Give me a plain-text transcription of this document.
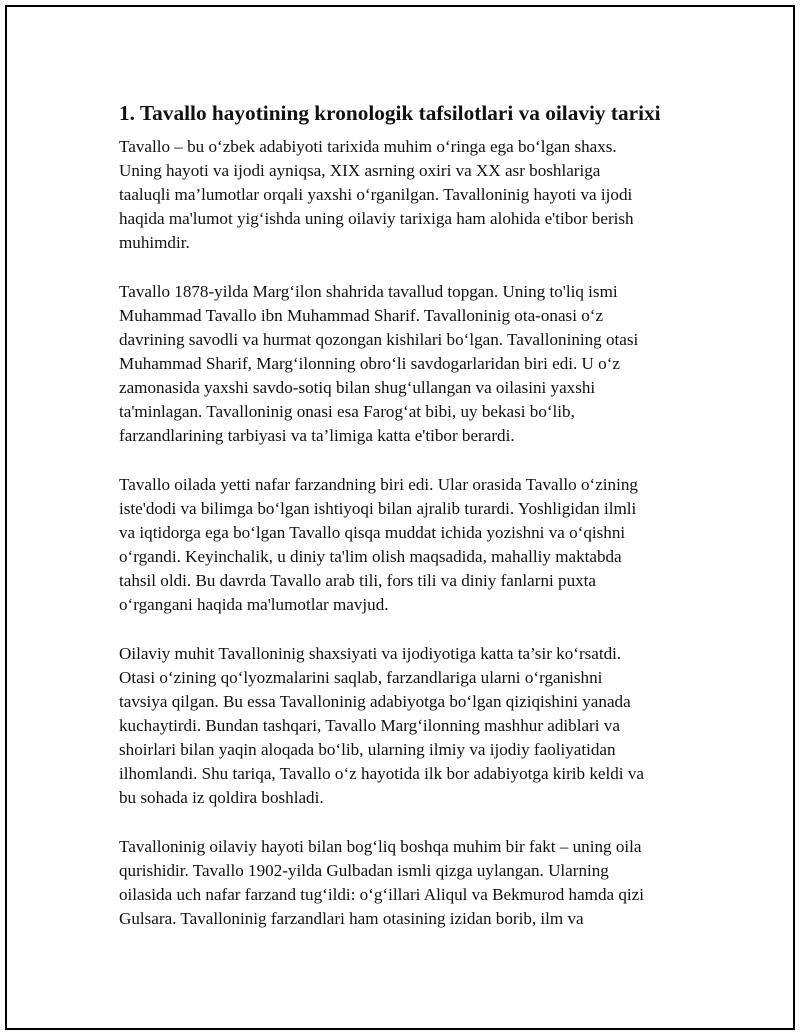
1. Tavallo hayotining kronologik tafsilotlari va oilaviy tarixi

Tavallo – bu o‘zbek adabiyoti tarixida muhim o‘ringa ega bo‘lgan shaxs.
Uning hayoti va ijodi ayniqsa, XIX asrning oxiri va XX asr boshlariga
taaluqli ma’lumotlar orqali yaxshi o‘rganilgan. Tavalloninig hayoti va ijodi
haqida ma'lumot yig‘ishda uning oilaviy tarixiga ham alohida e'tibor berish
muhimdir.

Tavallo 1878-yilda Marg‘ilon shahrida tavallud topgan. Uning to'liq ismi
Muhammad Tavallo ibn Muhammad Sharif. Tavalloninig ota-onasi o‘z
davrining savodli va hurmat qozongan kishilari bo‘lgan. Tavallonining otasi
Muhammad Sharif, Marg‘ilonning obro‘li savdogarlaridan biri edi. U o‘z
zamonasida yaxshi savdo-sotiq bilan shug‘ullangan va oilasini yaxshi
ta'minlagan. Tavalloninig onasi esa Farog‘at bibi, uy bekasi bo‘lib,
farzandlarining tarbiyasi va ta’limiga katta e'tibor berardi.

Tavallo oilada yetti nafar farzandning biri edi. Ular orasida Tavallo o‘zining
iste'dodi va bilimga bo‘lgan ishtiyoqi bilan ajralib turardi. Yoshligidan ilmli
va iqtidorga ega bo‘lgan Tavallo qisqa muddat ichida yozishni va o‘qishni
o‘rgandi. Keyinchalik, u diniy ta'lim olish maqsadida, mahalliy maktabda
tahsil oldi. Bu davrda Tavallo arab tili, fors tili va diniy fanlarni puxta
o‘rgangani haqida ma'lumotlar mavjud.

Oilaviy muhit Tavalloninig shaxsiyati va ijodiyotiga katta ta’sir ko‘rsatdi.
Otasi o‘zining qo‘lyozmalarini saqlab, farzandlariga ularni o‘rganishni
tavsiya qilgan. Bu essa Tavalloninig adabiyotga bo‘lgan qiziqishini yanada
kuchaytirdi. Bundan tashqari, Tavallo Marg‘ilonning mashhur adiblari va
shoirlari bilan yaqin aloqada bo‘lib, ularning ilmiy va ijodiy faoliyatidan
ilhomlandi. Shu tariqa, Tavallo o‘z hayotida ilk bor adabiyotga kirib keldi va
bu sohada iz qoldira boshladi.

Tavalloninig oilaviy hayoti bilan bog‘liq boshqa muhim bir fakt – uning oila
qurishidir. Tavallo 1902-yilda Gulbadan ismli qizga uylangan. Ularning
oilasida uch nafar farzand tug‘ildi: o‘g‘illari Aliqul va Bekmurod hamda qizi
Gulsara. Tavalloninig farzandlari ham otasining izidan borib, ilm va
